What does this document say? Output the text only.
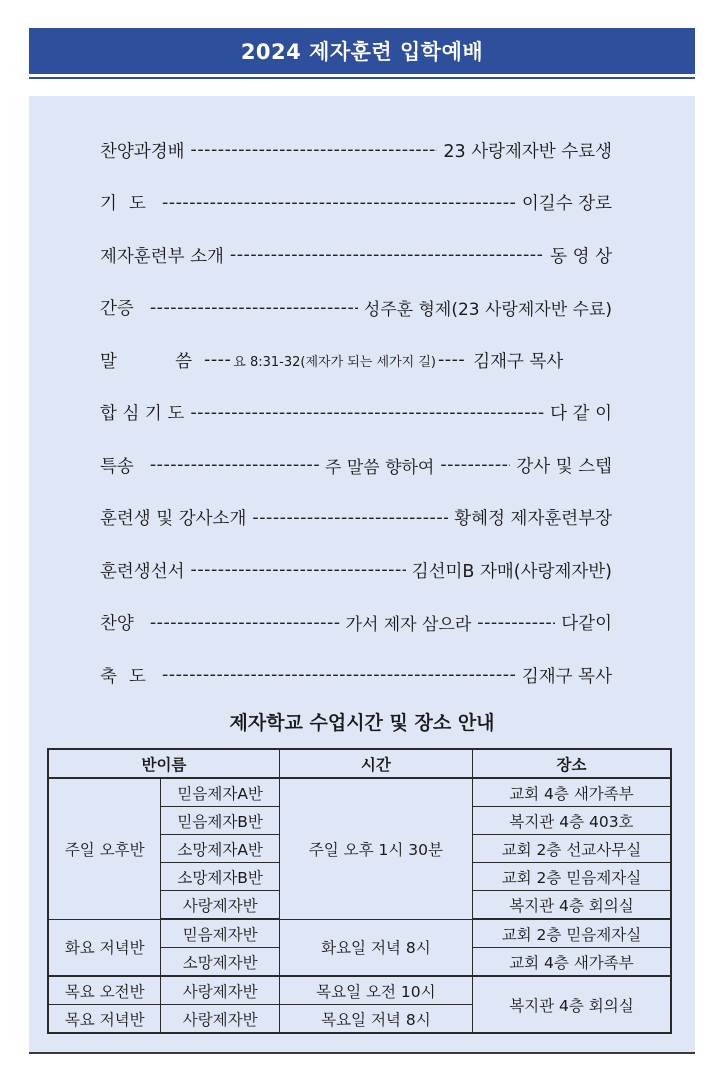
2024 제자훈련 입학예배
찬양과경배 -----	23 사랑제자반 수료생
기 도 -----	이길수 장로
제자훈련부 소개 -----	동 영 상
간 증 -----	성주훈 형제(23 사랑제자반 수료)
말	씀 ---- 요 8:31-32(제자가 되는 세가지 길) ---- 김재구 목사
합 심 기 도 -----	다 같 이
특 송 -----	주 말씀 향하여 -----	강사 및 스텝
훈련생 및 강사소개 -----	황혜정 제자훈련부장
훈련생선서 -----	김선미B 자매(사랑제자반)
찬 양 -----	가서 제자 삼으라 -----	다같이
축 도 -----	김재구 목사
제자학교 수업시간 및 장소 안내
반이름		시간	장소
주일 오후반	믿음제자A반	주일 오후 1시 30분	교회 4층 새가족부
	믿음제자B반		복지관 4층 403호
	소망제자A반		교회 2층 선교사무실
	소망제자B반		교회 2층 믿음제자실
	사랑제자반		복지관 4층 회의실
화요 저녁반	믿음제자반	화요일 저녁 8시	교회 2층 믿음제자실
	소망제자반		교회 4층 새가족부
목요 오전반	사랑제자반	목요일 오전 10시	복지관 4층 회의실
목요 저녁반	사랑제자반	목요일 저녁 8시	
